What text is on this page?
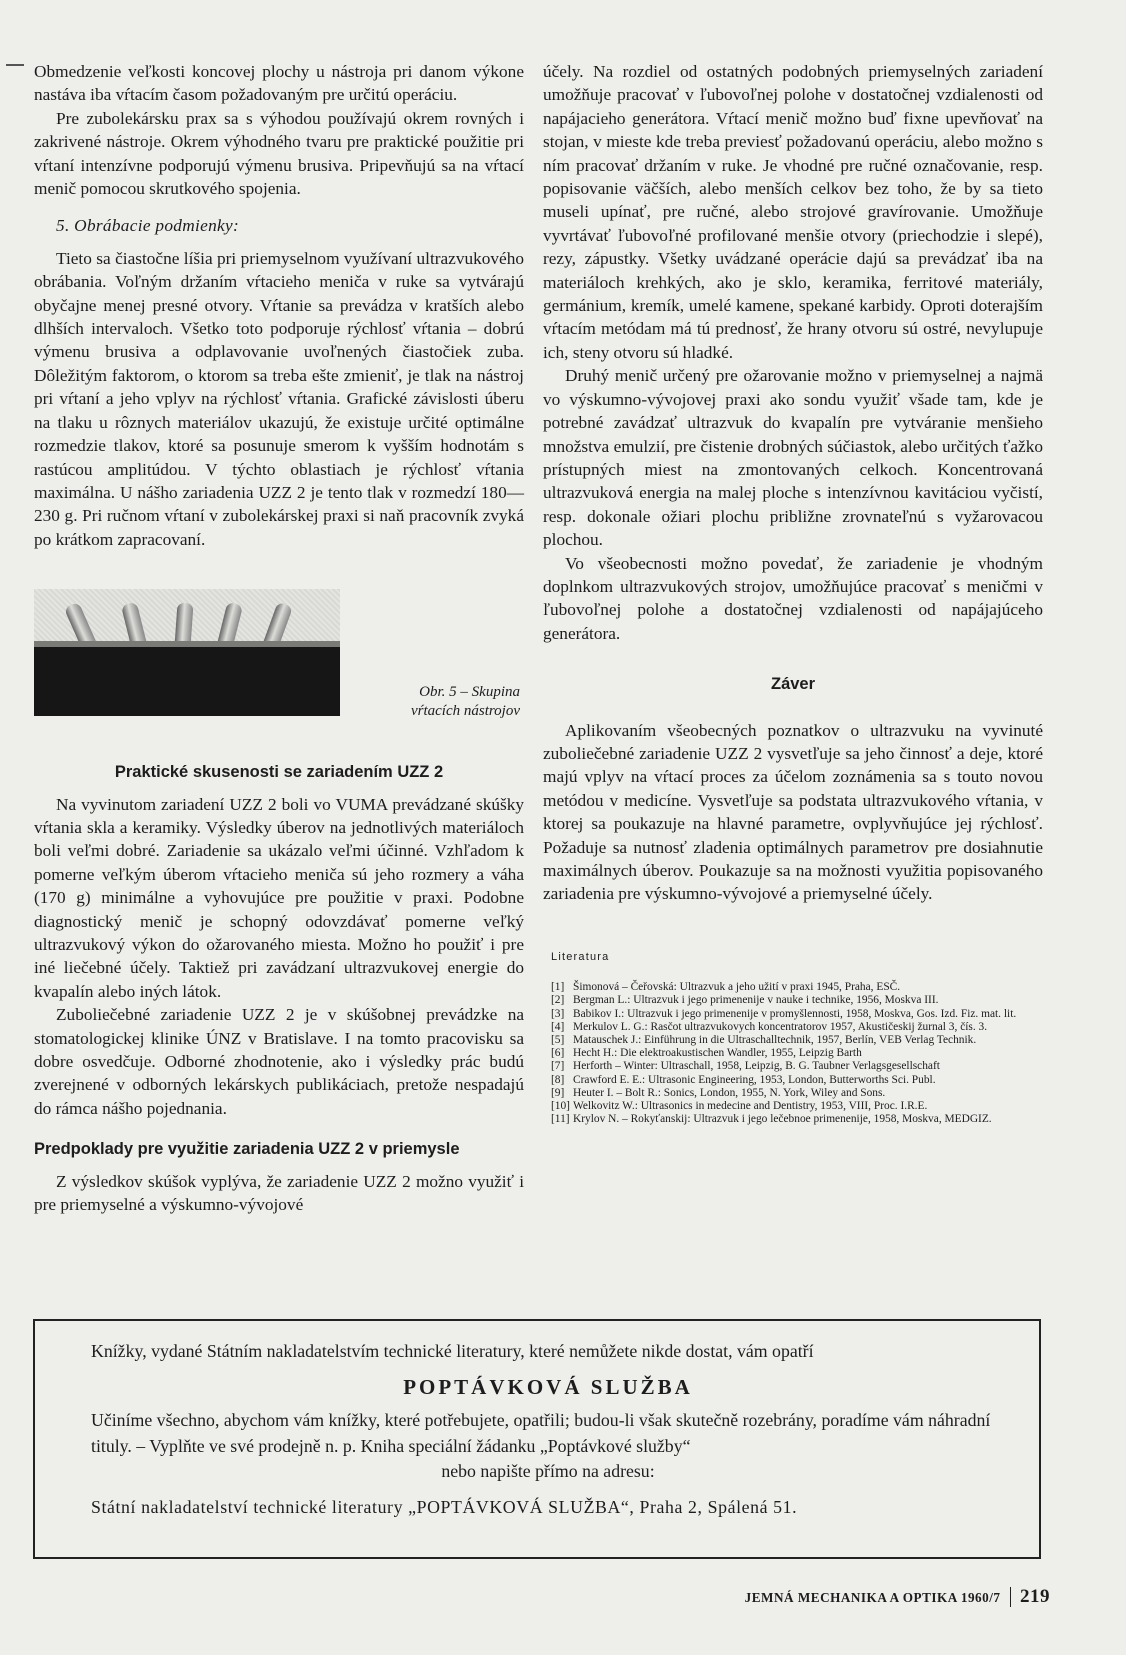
Obmedzenie veľkosti koncovej plochy u nástroja pri danom výkone nastáva iba vŕtacím časom požadovaným pre určitú operáciu.

Pre zubolekársku prax sa s výhodou používajú okrem rovných i zakrivené nástroje. Okrem výhodného tvaru pre praktické použitie pri vŕtaní intenzívne podporujú výmenu brusiva. Pripevňujú sa na vŕtací menič pomocou skrutkového spojenia.

5. Obrábacie podmienky:

Tieto sa čiastočne líšia pri priemyselnom využívaní ultrazvukového obrábania. Voľným držaním vŕtacieho meniča v ruke sa vytvárajú obyčajne menej presné otvory. Vŕtanie sa prevádza v kratších alebo dlhších intervaloch. Všetko toto podporuje rýchlosť vŕtania – dobrú výmenu brusiva a odplavovanie uvoľnených čiastočiek zuba. Dôležitým faktorom, o ktorom sa treba ešte zmieniť, je tlak na nástroj pri vŕtaní a jeho vplyv na rýchlosť vŕtania. Grafické závislosti úberu na tlaku u rôznych materiálov ukazujú, že existuje určité optimálne rozmedzie tlakov, ktoré sa posunuje smerom k vyšším hodnotám s rastúcou amplitúdou. V týchto oblastiach je rýchlosť vŕtania maximálna. U nášho zariadenia UZZ 2 je tento tlak v rozmedzí 180—230 g. Pri ručnom vŕtaní v zubolekárskej praxi si naň pracovník zvyká po krátkom zapracovaní.

Obr. 5 – Skupina
vŕtacích nástrojov
Praktické skusenosti se zariadením UZZ 2

Na vyvinutom zariadení UZZ 2 boli vo VUMA prevádzané skúšky vŕtania skla a keramiky. Výsledky úberov na jednotlivých materiáloch boli veľmi dobré. Zariadenie sa ukázalo veľmi účinné. Vzhľadom k pomerne veľkým úberom vŕtacieho meniča sú jeho rozmery a váha (170 g) minimálne a vyhovujúce pre použitie v praxi. Podobne diagnostický menič je schopný odovzdávať pomerne veľký ultrazvukový výkon do ožarovaného miesta. Možno ho použiť i pre iné liečebné účely. Taktiež pri zavádzaní ultrazvukovej energie do kvapalín alebo iných látok.

Zuboliečebné zariadenie UZZ 2 je v skúšobnej prevádzke na stomatologickej klinike ÚNZ v Bratislave. I na tomto pracovisku sa dobre osvedčuje. Odborné zhodnotenie, ako i výsledky prác budú zverejnené v odborných lekárskych publikáciach, pretože nespadajú do rámca nášho pojednania.

Predpoklady pre využitie zariadenia UZZ 2 v priemysle

Z výsledkov skúšok vyplýva, že zariadenie UZZ 2 možno využiť i pre priemyselné a výskumno-vývojové

účely. Na rozdiel od ostatných podobných priemyselných zariadení umožňuje pracovať v ľubovoľnej polohe v dostatočnej vzdialenosti od napájacieho generátora. Vŕtací menič možno buď fixne upevňovať na stojan, v mieste kde treba previesť požadovanú operáciu, alebo možno s ním pracovať držaním v ruke. Je vhodné pre ručné označovanie, resp. popisovanie väčších, alebo menších celkov bez toho, že by sa tieto museli upínať, pre ručné, alebo strojové gravírovanie. Umožňuje vyvrtávať ľubovoľné profilované menšie otvory (priechodzie i slepé), rezy, zápustky. Všetky uvádzané operácie dajú sa prevádzať iba na materiáloch krehkých, ako je sklo, keramika, ferritové materiály, germánium, kremík, umelé kamene, spekané karbidy. Oproti doterajším vŕtacím metódam má tú prednosť, že hrany otvoru sú ostré, nevylupuje ich, steny otvoru sú hladké.

Druhý menič určený pre ožarovanie možno v priemyselnej a najmä vo výskumno-vývojovej praxi ako sondu využiť všade tam, kde je potrebné zavádzať ultrazvuk do kvapalín pre vytváranie menšieho množstva emulzií, pre čistenie drobných súčiastok, alebo určitých ťažko prístupných miest na zmontovaných celkoch. Koncentrovaná ultrazvuková energia na malej ploche s intenzívnou kavitáciou vyčistí, resp. dokonale ožiari plochu približne zrovnateľnú s vyžarovacou plochou.

Vo všeobecnosti možno povedať, že zariadenie je vhodným doplnkom ultrazvukových strojov, umožňujúce pracovať s meničmi v ľubovoľnej polohe a dostatočnej vzdialenosti od napájajúceho generátora.

Záver

Aplikovaním všeobecných poznatkov o ultrazvuku na vyvinuté zuboliečebné zariadenie UZZ 2 vysvetľuje sa jeho činnosť a deje, ktoré majú vplyv na vŕtací proces za účelom zoznámenia sa s touto novou metódou v medicíne. Vysvetľuje sa podstata ultrazvukového vŕtania, v ktorej sa poukazuje na hlavné parametre, ovplyvňujúce jej rýchlosť. Požaduje sa nutnosť zladenia optimálnych parametrov pre dosiahnutie maximálnych úberov. Poukazuje sa na možnosti využitia popisovaného zariadenia pre výskumno-vývojové a priemyselné účely.

Literatura
[1] Šimonová – Čeřovská: Ultrazvuk a jeho užití v praxi 1945, Praha, ESČ.
[2] Bergman L.: Ultrazvuk i jego primenenije v nauke i technike, 1956, Moskva III.
[3] Babikov I.: Ultrazvuk i jego primenenije v promyšlennosti, 1958, Moskva, Gos. Izd. Fiz. mat. lit.
[4] Merkulov L. G.: Rasčot ultrazvukovych koncentratorov 1957, Akustičeskij žurnal 3, čís. 3.
[5] Matauschek J.: Einführung in die Ultraschalltechnik, 1957, Berlín, VEB Verlag Technik.
[6] Hecht H.: Die elektroakustischen Wandler, 1955, Leipzig Barth
[7] Herforth – Winter: Ultraschall, 1958, Leipzig, B. G. Taubner Verlagsgesellschaft
[8] Crawford E. E.: Ultrasonic Engineering, 1953, London, Butterworths Sci. Publ.
[9] Heuter I. – Bolt R.: Sonics, London, 1955, N. York, Wiley and Sons.
[10] Welkovitz W.: Ultrasonics in medecine and Dentistry, 1953, VIII, Proc. I.R.E.
[11] Krylov N. – Rokyťanskij: Ultrazvuk i jego lečebnoe primenenije, 1958, Moskva, MEDGIZ.

Knížky, vydané Státním nakladatelstvím technické literatury, které nemůžete nikde dostat, vám opatří

POPTÁVKOVÁ SLUŽBA

Učiníme všechno, abychom vám knížky, které potřebujete, opatřili; budou-li však skutečně rozebrány, poradíme vám náhradní tituly. – Vyplňte ve své prodejně n. p. Kniha speciální žádanku „Poptávkové služby“

nebo napište přímo na adresu:

Státní nakladatelství technické literatury „POPTÁVKOVÁ SLUŽBA“, Praha 2, Spálená 51.

JEMNÁ MECHANIKA A OPTIKA 1960/7 219
